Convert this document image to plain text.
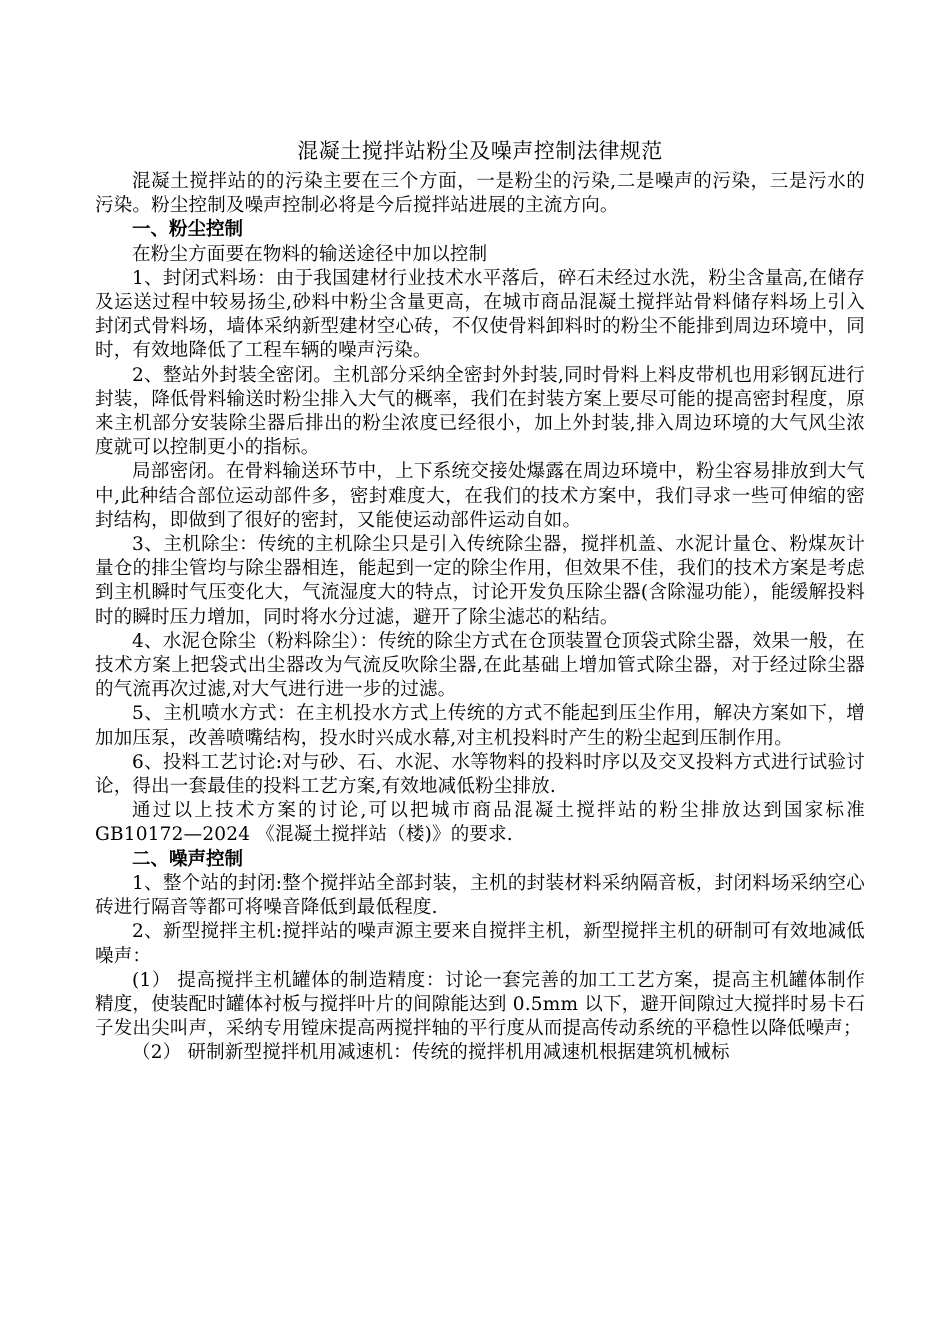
混凝土搅拌站粉尘及噪声控制法律规范

混凝土搅拌站的的污染主要在三个方面，一是粉尘的污染,二是噪声的污染，三是污水的污染。粉尘控制及噪声控制必将是今后搅拌站进展的主流方向。

一、粉尘控制

在粉尘方面要在物料的输送途径中加以控制

1、封闭式料场：由于我国建材行业技术水平落后，碎石未经过水洗，粉尘含量高,在储存及运送过程中较易扬尘,砂料中粉尘含量更高，在城市商品混凝土搅拌站骨料储存料场上引入封闭式骨料场，墙体采纳新型建材空心砖，不仅使骨料卸料时的粉尘不能排到周边环境中，同时，有效地降低了工程车辆的噪声污染。

2、整站外封装全密闭。主机部分采纳全密封外封装,同时骨料上料皮带机也用彩钢瓦进行封装，降低骨料输送时粉尘排入大气的概率，我们在封装方案上要尽可能的提高密封程度，原来主机部分安装除尘器后排出的粉尘浓度已经很小，加上外封装,排入周边环境的大气风尘浓度就可以控制更小的指标。

局部密闭。在骨料输送环节中，上下系统交接处爆露在周边环境中，粉尘容易排放到大气中,此种结合部位运动部件多，密封难度大，在我们的技术方案中，我们寻求一些可伸缩的密封结构，即做到了很好的密封，又能使运动部件运动自如。

3、主机除尘：传统的主机除尘只是引入传统除尘器，搅拌机盖、水泥计量仓、粉煤灰计量仓的排尘管均与除尘器相连，能起到一定的除尘作用，但效果不佳，我们的技术方案是考虑到主机瞬时气压变化大，气流湿度大的特点，讨论开发负压除尘器(含除湿功能），能缓解投料时的瞬时压力增加，同时将水分过滤，避开了除尘滤芯的粘结。

4、水泥仓除尘（粉料除尘）：传统的除尘方式在仓顶装置仓顶袋式除尘器，效果一般，在技术方案上把袋式出尘器改为气流反吹除尘器,在此基础上增加管式除尘器，对于经过除尘器的气流再次过滤,对大气进行进一步的过滤。

5、主机喷水方式：在主机投水方式上传统的方式不能起到压尘作用，解决方案如下，增加加压泵，改善喷嘴结构，投水时兴成水幕,对主机投料时产生的粉尘起到压制作用。

6、投料工艺讨论:对与砂、石、水泥、水等物料的投料时序以及交叉投料方式进行试验讨论，得出一套最佳的投料工艺方案,有效地减低粉尘排放.

通过以上技术方案的讨论,可以把城市商品混凝土搅拌站的粉尘排放达到国家标准 GB10172—2024 《混凝土搅拌站（楼)》的要求.

二、噪声控制

1、整个站的封闭:整个搅拌站全部封装，主机的封装材料采纳隔音板，封闭料场采纳空心砖进行隔音等都可将噪音降低到最低程度.

2、新型搅拌主机:搅拌站的噪声源主要来自搅拌主机，新型搅拌主机的研制可有效地减低噪声：

(1） 提高搅拌主机罐体的制造精度：讨论一套完善的加工工艺方案，提高主机罐体制作精度，使装配时罐体衬板与搅拌叶片的间隙能达到 0.5mm 以下，避开间隙过大搅拌时易卡石子发出尖叫声，采纳专用镗床提高两搅拌轴的平行度从而提高传动系统的平稳性以降低噪声；

（2） 研制新型搅拌机用减速机：传统的搅拌机用减速机根据建筑机械标
